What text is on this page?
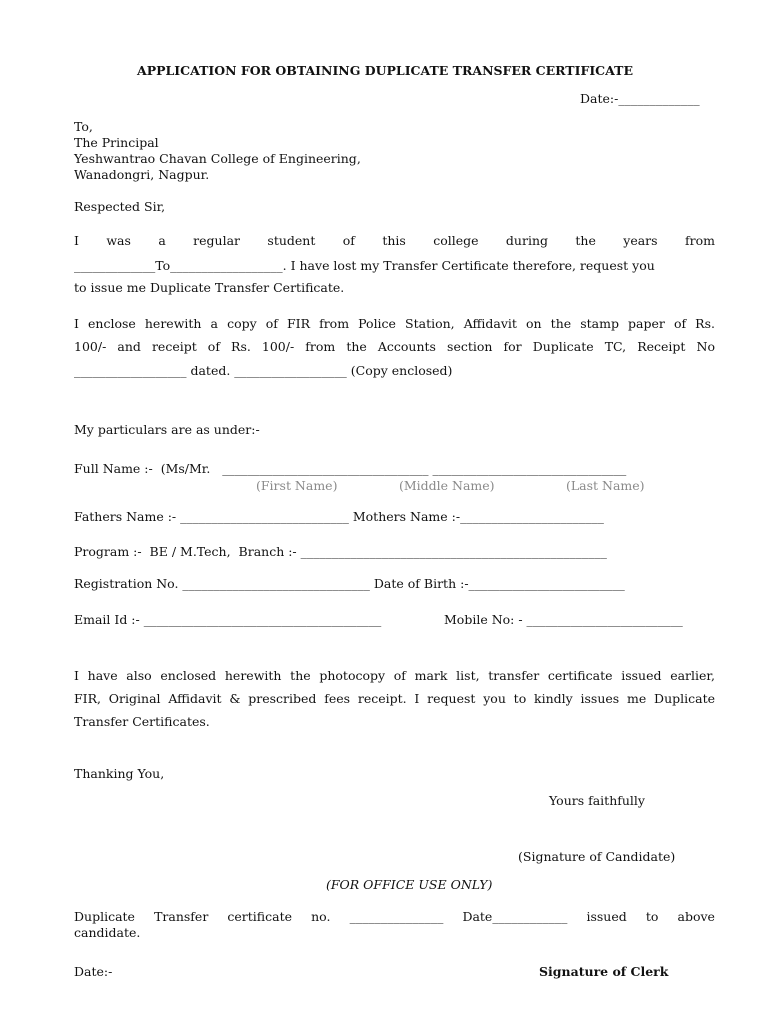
APPLICATION FOR OBTAINING DUPLICATE TRANSFER CERTIFICATE
Date:-_____________
To,
The Principal
Yeshwantrao Chavan College of Engineering,
Wanadongri, Nagpur.
Respected Sir,
I was a regular student of this college during the years from
_____________To__________________. I have lost my Transfer Certificate therefore, request you
to issue me Duplicate Transfer Certificate.
I enclose herewith a copy of FIR from Police Station, Affidavit on the stamp paper of Rs.
100/- and receipt of Rs. 100/- from the Accounts section for Duplicate TC, Receipt No
__________________ dated. __________________ (Copy enclosed)
My particulars are as under:-
Full Name :-  (Ms/Mr.   _________________________________ _______________________________
(First Name)	(Middle Name)	(Last Name)
Fathers Name :- ___________________________ Mothers Name :-_______________________
Program :-  BE / M.Tech,  Branch :- _________________________________________________
Registration No. ______________________________ Date of Birth :-_________________________
Email Id :- ______________________________________	Mobile No: - _________________________
I have also enclosed herewith the photocopy of mark list, transfer certificate issued earlier,
FIR, Original Affidavit & prescribed fees receipt. I request you to kindly issues me Duplicate
Transfer Certificates.
Thanking You,
Yours faithfully
(Signature of Candidate)
(FOR OFFICE USE ONLY)
Duplicate Transfer certificate no. _______________ Date____________ issued to above
candidate.
Date:-	Signature of Clerk
